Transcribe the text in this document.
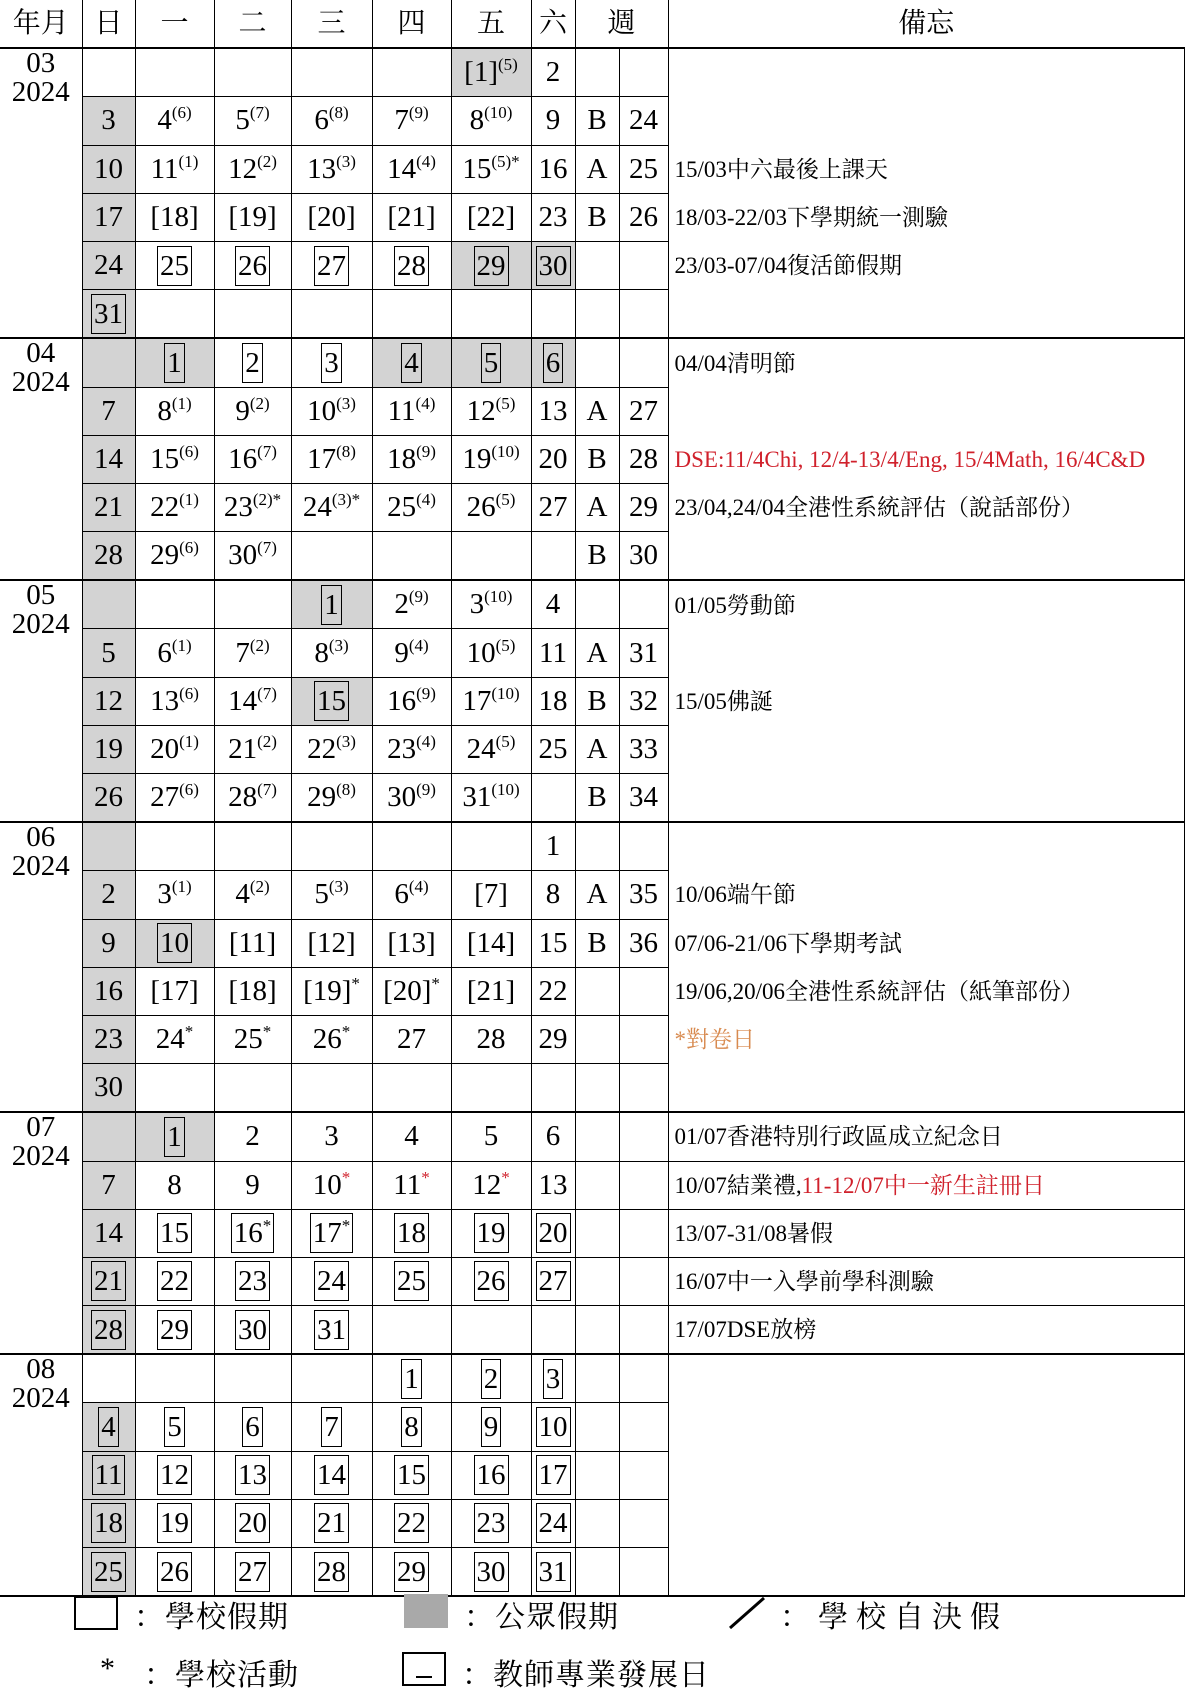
年月	日	一	二	三	四	五	六	週		備忘

03
2024						$[1]^{(5)}$	2			
	3	4$^{(6)}$	5$^{(7)}$	6$^{(8)}$	7$^{(9)}$	8$^{(10)}$	9	B	24	
	10	11$^{(1)}$	12$^{(2)}$	13$^{(3)}$	14$^{(4)}$	$15^{(5)*}$	16	A	25	15/03中六最後上課天
	17	[18]	[19]	[20]	[21]	[22]	23	B	26	18/03-22/03下學期統一測驗
	24	25	26	27	28	29	30			23/03-07/04復活節假期
	31									

04
2024		1	2	3	4	5	6			04/04清明節
	7	8$^{(1)}$	9$^{(2)}$	10$^{(3)}$	11$^{(4)}$	12$^{(5)}$	13	A	27	
	14	15$^{(6)}$	16$^{(7)}$	17$^{(8)}$	18$^{(9)}$	19$^{(10)}$	20	B	28	DSE:11/4Chi, 12/4-13/4/Eng, 15/4Math, 16/4C&D
	21	22$^{(1)}$	$23^{(2)*}$	$24^{(3)*}$	25$^{(4)}$	26$^{(5)}$	27	A	29	23/04,24/04全港性系統評估（說話部份）
	28	29$^{(6)}$	30$^{(7)}$					B	30	

05
2024				1	2$^{(9)}$	3$^{(10)}$	4			01/05勞動節
	5	6$^{(1)}$	7$^{(2)}$	8$^{(3)}$	9$^{(4)}$	10$^{(5)}$	11	A	31	
	12	13$^{(6)}$	14$^{(7)}$	15	16$^{(9)}$	17$^{(10)}$	18	B	32	15/05佛誕
	19	20$^{(1)}$	21$^{(2)}$	22$^{(3)}$	23$^{(4)}$	24$^{(5)}$	25	A	33	
	26	27$^{(6)}$	28$^{(7)}$	29$^{(8)}$	30$^{(9)}$	31$^{(10)}$		B	34	

06
2024							1			
	2	3$^{(1)}$	4$^{(2)}$	5$^{(3)}$	6$^{(4)}$	[7]	8	A	35	10/06端午節
	9	10	[11]	[12]	[13]	[14]	15	B	36	07/06-21/06下學期考試
	16	[17]	[18]	[19]*	[20]*	[21]	22			19/06,20/06全港性系統評估（紙筆部份）
	23	24*	25*	26*	27	28	29			*對卷日
	30									

07
2024		1	2	3	4	5	6			01/07香港特別行政區成立紀念日
	7	8	9	10*	11*	12*	13			10/07結業禮,11-12/07中一新生註冊日
	14	15	16*	17*	18	19	20			13/07-31/08暑假
	21	22	23	24	25	26	27			16/07中一入學前學科測驗
	28	29	30	31						17/07DSE放榜

08
2024					1	2	3			
	4	5	6	7	8	9	10			
	11	12	13	14	15	16	17			
	18	19	20	21	22	23	24			
	25	26	27	28	29	30	31			
：學校假期	：公眾假期	：學校自決假
* ：學校活動	：教師專業發展日
